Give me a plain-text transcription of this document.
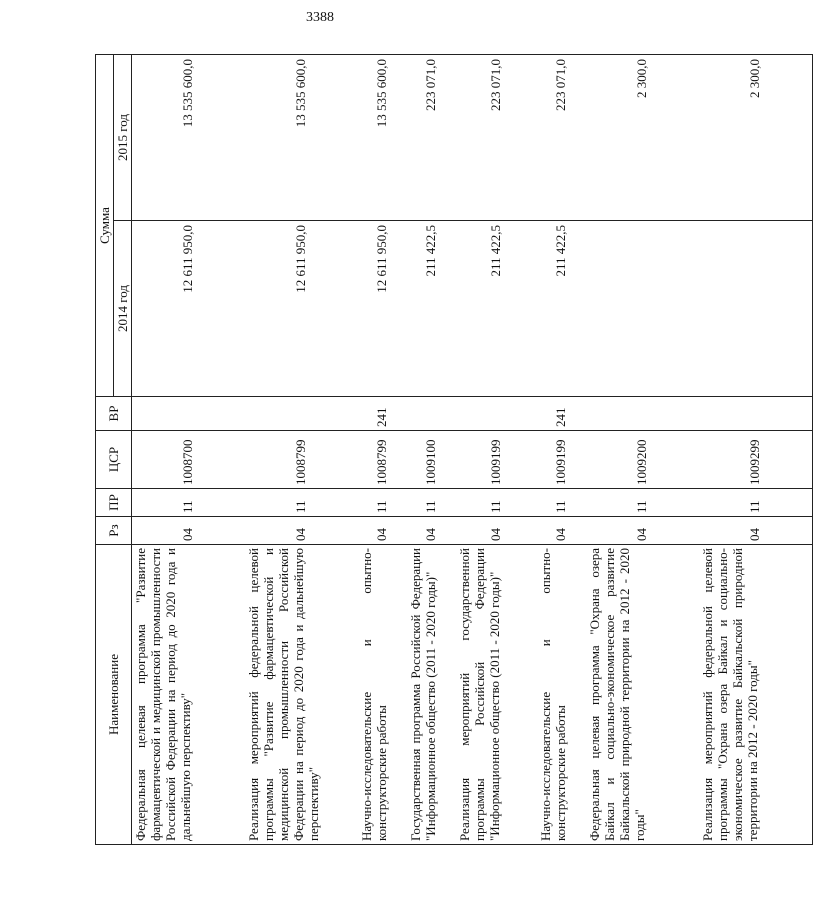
3388
Наименование	Рз	ПР	ЦСР	ВР	Сумма	
					2014 год	2015 год
Федеральная целевая программа "Развитие фармацевтической и медицинской промышленности Российской Федерации на период до 2020 года и дальнейшую перспективу"	04	11	1008700		12 611 950,0	13 535 600,0
Реализация мероприятий федеральной целевой программы "Развитие фармацевтической и медицинской промышленности Российской Федерации на период до 2020 года и дальнейшую перспективу"	04	11	1008799		12 611 950,0	13 535 600,0
Научно-исследовательские и опытно-конструкторские работы	04	11	1008799	241	12 611 950,0	13 535 600,0
Государственная программа Российской Федерации "Информационное общество (2011 - 2020 годы)"	04	11	1009100		211 422,5	223 071,0
Реализация мероприятий государственной программы Российской Федерации "Информационное общество (2011 - 2020 годы)"	04	11	1009199		211 422,5	223 071,0
Научно-исследовательские и опытно-конструкторские работы	04	11	1009199	241	211 422,5	223 071,0
Федеральная целевая программа "Охрана озера Байкал и социально-экономическое развитие Байкальской природной территории на 2012 - 2020 годы"	04	11	1009200			2 300,0
Реализация мероприятий федеральной целевой программы "Охрана озера Байкал и социально-экономическое развитие Байкальской природной территории на 2012 - 2020 годы"	04	11	1009299			2 300,0
